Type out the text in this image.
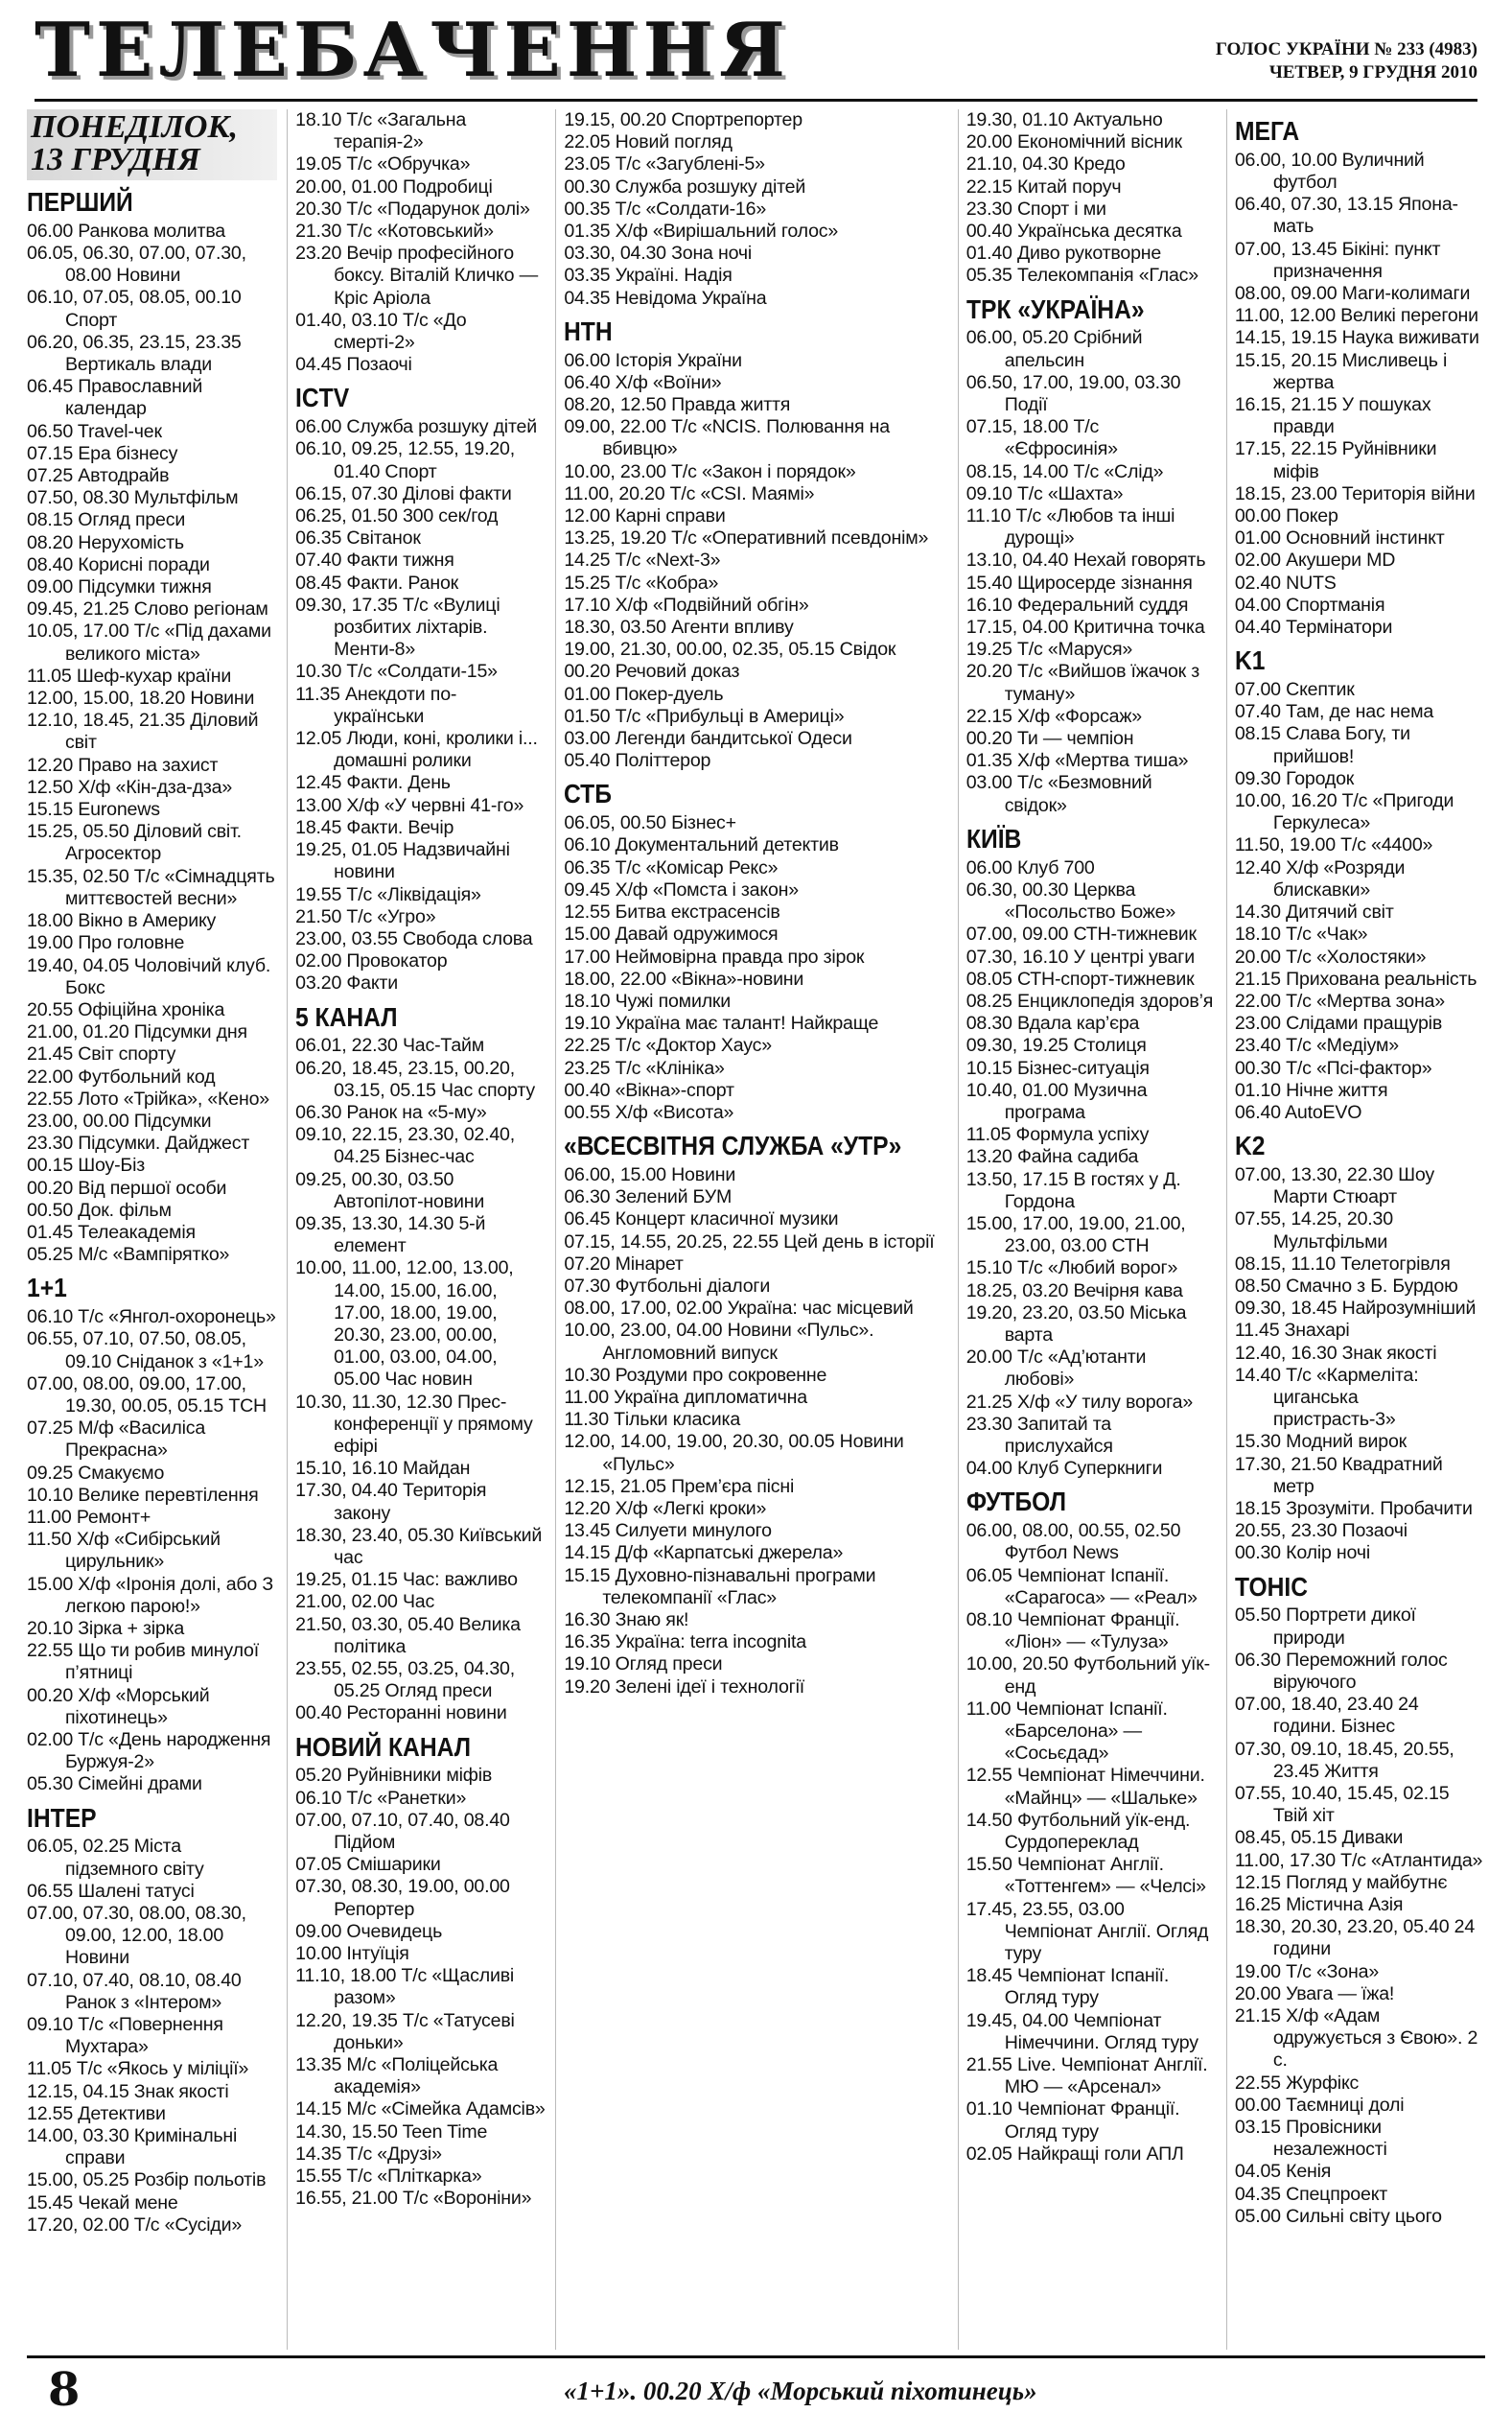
ТЕЛЕБАЧЕННЯ	ГОЛОС УКРАЇНИ № 233 (4983)
ЧЕТВЕР, 9 ГРУДНЯ 2010
ПОНЕДІЛОК,
13 ГРУДНЯ
ПЕРШИЙ
06.00 Ранкова молитва
06.05, 06.30, 07.00, 07.30, 08.00 Новини
06.10, 07.05, 08.05, 00.10 Спорт
06.20, 06.35, 23.15, 23.35 Вертикаль влади
06.45 Православний календар
06.50 Travel-чек
07.15 Ера бізнесу
07.25 Автодрайв
07.50, 08.30 Мультфільм
08.15 Огляд преси
08.20 Нерухомість
08.40 Корисні поради
09.00 Підсумки тижня
09.45, 21.25 Слово регіонам
10.05, 17.00 Т/с «Під дахами великого міста»
11.05 Шеф-кухар країни
12.00, 15.00, 18.20 Новини
12.10, 18.45, 21.35 Діловий світ
12.20 Право на захист
12.50 Х/ф «Кін-дза-дза»
15.15 Euronews
15.25, 05.50 Діловий світ. Агросектор
15.35, 02.50 Т/с «Сімнадцять миттєвостей весни»
18.00 Вікно в Америку
19.00 Про головне
19.40, 04.05 Чоловічий клуб. Бокс
20.55 Офіційна хроніка
21.00, 01.20 Підсумки дня
21.45 Світ спорту
22.00 Футбольний код
22.55 Лото «Трійка», «Кено»
23.00, 00.00 Підсумки
23.30 Підсумки. Дайджест
00.15 Шоу-Біз
00.20 Від першої особи
00.50 Док. фільм
01.45 Телеакадемія
05.25 М/с «Вампірятко»
1+1
06.10 Т/с «Янгол-охоронець»
06.55, 07.10, 07.50, 08.05, 09.10 Сніданок з «1+1»
07.00, 08.00, 09.00, 17.00, 19.30, 00.05, 05.15 ТСН
07.25 М/ф «Василіса Прекрасна»
09.25 Смакуємо
10.10 Велике перевтілення
11.00 Ремонт+
11.50 Х/ф «Сибірський цирульник»
15.00 Х/ф «Іронія долі, або З легкою парою!»
20.10 Зірка + зірка
22.55 Що ти робив минулої п’ятниці
00.20 Х/ф «Морський піхотинець»
02.00 Т/с «День народження Буржуя-2»
05.30 Сімейні драми
ІНТЕР
06.05, 02.25 Міста підземного світу
06.55 Шалені татусі
07.00, 07.30, 08.00, 08.30, 09.00, 12.00, 18.00 Новини
07.10, 07.40, 08.10, 08.40 Ранок з «Інтером»
09.10 Т/с «Повернення Мухтара»
11.05 Т/с «Якось у міліції»
12.15, 04.15 Знак якості
12.55 Детективи
14.00, 03.30 Кримінальні справи
15.00, 05.25 Розбір польотів
15.45 Чекай мене
17.20, 02.00 Т/с «Сусіди»
18.10 Т/с «Загальна терапія-2»
19.05 Т/с «Обручка»
20.00, 01.00 Подробиці
20.30 Т/с «Подарунок долі»
21.30 Т/с «Котовський»
23.20 Вечір професійного боксу. Віталій Кличко — Кріс Аріола
01.40, 03.10 Т/с «До смерті-2»
04.45 Позаочі
ICTV
06.00 Служба розшуку дітей
06.10, 09.25, 12.55, 19.20, 01.40 Спорт
06.15, 07.30 Ділові факти
06.25, 01.50 300 сек/год
06.35 Світанок
07.40 Факти тижня
08.45 Факти. Ранок
09.30, 17.35 Т/с «Вулиці розбитих ліхтарів. Менти-8»
10.30 Т/с «Солдати-15»
11.35 Анекдоти по-українськи
12.05 Люди, коні, кролики і... домашні ролики
12.45 Факти. День
13.00 Х/ф «У червні 41-го»
18.45 Факти. Вечір
19.25, 01.05 Надзвичайні новини
19.55 Т/с «Ліквідація»
21.50 Т/с «Угро»
23.00, 03.55 Свобода слова
02.00 Провокатор
03.20 Факти
5 КАНАЛ
06.01, 22.30 Час-Тайм
06.20, 18.45, 23.15, 00.20, 03.15, 05.15 Час спорту
06.30 Ранок на «5-му»
09.10, 22.15, 23.30, 02.40, 04.25 Бізнес-час
09.25, 00.30, 03.50 Автопілот-новини
09.35, 13.30, 14.30 5-й елемент
10.00, 11.00, 12.00, 13.00, 14.00, 15.00, 16.00, 17.00, 18.00, 19.00, 20.30, 23.00, 00.00, 01.00, 03.00, 04.00, 05.00 Час новин
10.30, 11.30, 12.30 Прес-конференції у прямому ефірі
15.10, 16.10 Майдан
17.30, 04.40 Територія закону
18.30, 23.40, 05.30 Київський час
19.25, 01.15 Час: важливо
21.00, 02.00 Час
21.50, 03.30, 05.40 Велика політика
23.55, 02.55, 03.25, 04.30, 05.25 Огляд преси
00.40 Ресторанні новини
НОВИЙ КАНАЛ
05.20 Руйнівники міфів
06.10 Т/с «Ранетки»
07.00, 07.10, 07.40, 08.40 Підйом
07.05 Смішарики
07.30, 08.30, 19.00, 00.00 Репортер
09.00 Очевидець
10.00 Інтуїція
11.10, 18.00 Т/с «Щасливі разом»
12.20, 19.35 Т/с «Татусеві доньки»
13.35 М/с «Поліцейська академія»
14.15 М/с «Сімейка Адамсів»
14.30, 15.50 Teen Time
14.35 Т/с «Друзі»
15.55 Т/с «Пліткарка»
16.55, 21.00 Т/с «Вороніни»
19.15, 00.20 Спортрепортер
22.05 Новий погляд
23.05 Т/с «Загублені-5»
00.30 Служба розшуку дітей
00.35 Т/с «Солдати-16»
01.35 Х/ф «Вирішальний голос»
03.30, 04.30 Зона ночі
03.35 Україні. Надія
04.35 Невідома Україна
НТН
06.00 Історія України
06.40 Х/ф «Воїни»
08.20, 12.50 Правда життя
09.00, 22.00 Т/с «NCIS. Полювання на вбивцю»
10.00, 23.00 Т/с «Закон і порядок»
11.00, 20.20 Т/с «CSI. Маямі»
12.00 Карні справи
13.25, 19.20 Т/с «Оперативний псевдонім»
14.25 Т/с «Next-3»
15.25 Т/с «Кобра»
17.10 Х/ф «Подвійний обгін»
18.30, 03.50 Агенти впливу
19.00, 21.30, 00.00, 02.35, 05.15 Свідок
00.20 Речовий доказ
01.00 Покер-дуель
01.50 Т/с «Прибульці в Америці»
03.00 Легенди бандитської Одеси
05.40 Політтерор
СТБ
06.05, 00.50 Бізнес+
06.10 Документальний детектив
06.35 Т/с «Комісар Рекс»
09.45 Х/ф «Помста і закон»
12.55 Битва екстрасенсів
15.00 Давай одружимося
17.00 Неймовірна правда про зірок
18.00, 22.00 «Вікна»-новини
18.10 Чужі помилки
19.10 Україна має талант! Найкраще
22.25 Т/с «Доктор Хаус»
23.25 Т/с «Клініка»
00.40 «Вікна»-спорт
00.55 Х/ф «Висота»
«ВСЕСВІТНЯ СЛУЖБА «УТР»
06.00, 15.00 Новини
06.30 Зелений БУМ
06.45 Концерт класичної музики
07.15, 14.55, 20.25, 22.55 Цей день в історії
07.20 Мінарет
07.30 Футбольні діалоги
08.00, 17.00, 02.00 Україна: час місцевий
10.00, 23.00, 04.00 Новини «Пульс». Англомовний випуск
10.30 Роздуми про сокровенне
11.00 Україна дипломатична
11.30 Тільки класика
12.00, 14.00, 19.00, 20.30, 00.05 Новини «Пульс»
12.15, 21.05 Прем’єра пісні
12.20 Х/ф «Легкі кроки»
13.45 Силуети минулого
14.15 Д/ф «Карпатські джерела»
15.15 Духовно-пізнавальні програми телекомпанії «Глас»
16.30 Знаю як!
16.35 Україна: terra incognita
19.10 Огляд преси
19.20 Зелені ідеї і технології
19.30, 01.10 Актуально
20.00 Економічний вісник
21.10, 04.30 Кредо
22.15 Китай поруч
23.30 Спорт і ми
00.40 Українська десятка
01.40 Диво рукотворне
05.35 Телекомпанія «Глас»
ТРК «УКРАЇНА»
06.00, 05.20 Срібний апельсин
06.50, 17.00, 19.00, 03.30 Події
07.15, 18.00 Т/с «Єфросинія»
08.15, 14.00 Т/с «Слід»
09.10 Т/с «Шахта»
11.10 Т/с «Любов та інші дурощі»
13.10, 04.40 Нехай говорять
15.40 Щиросерде зізнання
16.10 Федеральний суддя
17.15, 04.00 Критична точка
19.25 Т/с «Маруся»
20.20 Т/с «Вийшов їжачок з туману»
22.15 Х/ф «Форсаж»
00.20 Ти — чемпіон
01.35 Х/ф «Мертва тиша»
03.00 Т/с «Безмовний свідок»
КИЇВ
06.00 Клуб 700
06.30, 00.30 Церква «Посольство Боже»
07.00, 09.00 СТН-тижневик
07.30, 16.10 У центрі уваги
08.05 СТН-спорт-тижневик
08.25 Енциклопедія здоров’я
08.30 Вдала кар’єра
09.30, 19.25 Столиця
10.15 Бізнес-ситуація
10.40, 01.00 Музична програма
11.05 Формула успіху
13.20 Файна садиба
13.50, 17.15 В гостях у Д. Гордона
15.00, 17.00, 19.00, 21.00, 23.00, 03.00 СТН
15.10 Т/с «Любий ворог»
18.25, 03.20 Вечірня кава
19.20, 23.20, 03.50 Міська варта
20.00 Т/с «Ад’ютанти любові»
21.25 Х/ф «У тилу ворога»
23.30 Запитай та прислухайся
04.00 Клуб Суперкниги
ФУТБОЛ
06.00, 08.00, 00.55, 02.50 Футбол News
06.05 Чемпіонат Іспанії. «Сарагоса» — «Реал»
08.10 Чемпіонат Франції. «Ліон» — «Тулуза»
10.00, 20.50 Футбольний уїк-енд
11.00 Чемпіонат Іспанії. «Барселона» — «Сосьєдад»
12.55 Чемпіонат Німеччини. «Майнц» — «Шальке»
14.50 Футбольний уїк-енд. Сурдопереклад
15.50 Чемпіонат Англії. «Тоттенгем» — «Челсі»
17.45, 23.55, 03.00 Чемпіонат Англії. Огляд туру
18.45 Чемпіонат Іспанії. Огляд туру
19.45, 04.00 Чемпіонат Німеччини. Огляд туру
21.55 Live. Чемпіонат Англії. МЮ — «Арсенал»
01.10 Чемпіонат Франції. Огляд туру
02.05 Найкращі голи АПЛ
МЕГА
06.00, 10.00 Вуличний футбол
06.40, 07.30, 13.15 Япона-мать
07.00, 13.45 Бікіні: пункт призначення
08.00, 09.00 Маги-колимаги
11.00, 12.00 Великі перегони
14.15, 19.15 Наука виживати
15.15, 20.15 Мисливець і жертва
16.15, 21.15 У пошуках правди
17.15, 22.15 Руйнівники міфів
18.15, 23.00 Територія війни
00.00 Покер
01.00 Основний інстинкт
02.00 Акушери MD
02.40 NUTS
04.00 Спортманія
04.40 Термінатори
K1
07.00 Скептик
07.40 Там, де нас нема
08.15 Слава Богу, ти прийшов!
09.30 Городок
10.00, 16.20 Т/с «Пригоди Геркулеса»
11.50, 19.00 Т/с «4400»
12.40 Х/ф «Розряди блискавки»
14.30 Дитячий світ
18.10 Т/с «Чак»
20.00 Т/с «Холостяки»
21.15 Прихована реальність
22.00 Т/с «Мертва зона»
23.00 Слідами пращурів
23.40 Т/с «Медіум»
00.30 Т/с «Псі-фактор»
01.10 Нічне життя
06.40 AutoEVO
K2
07.00, 13.30, 22.30 Шоу Марти Стюарт
07.55, 14.25, 20.30 Мультфільми
08.15, 11.10 Телетогрівля
08.50 Смачно з Б. Бурдою
09.30, 18.45 Найрозумніший
11.45 Знахарі
12.40, 16.30 Знак якості
14.40 Т/с «Кармеліта: циганська пристрасть-3»
15.30 Модний вирок
17.30, 21.50 Квадратний метр
18.15 Зрозуміти. Пробачити
20.55, 23.30 Позаочі
00.30 Колір ночі
ТОНІС
05.50 Портрети дикої природи
06.30 Переможний голос віруючого
07.00, 18.40, 23.40 24 години. Бізнес
07.30, 09.10, 18.45, 20.55, 23.45 Життя
07.55, 10.40, 15.45, 02.15 Твій хіт
08.45, 05.15 Диваки
11.00, 17.30 Т/с «Атлантида»
12.15 Погляд у майбутнє
16.25 Містична Азія
18.30, 20.30, 23.20, 05.40 24 години
19.00 Т/с «Зона»
20.00 Увага — їжа!
21.15 Х/ф «Адам одружується з Євою». 2 с.
22.55 Журфікс
00.00 Таємниці долі
03.15 Провісники незалежності
04.05 Кенія
04.35 Спецпроект
05.00 Сильні світу цього
8	«1+1». 00.20 Х/ф «Морський піхотинець»
